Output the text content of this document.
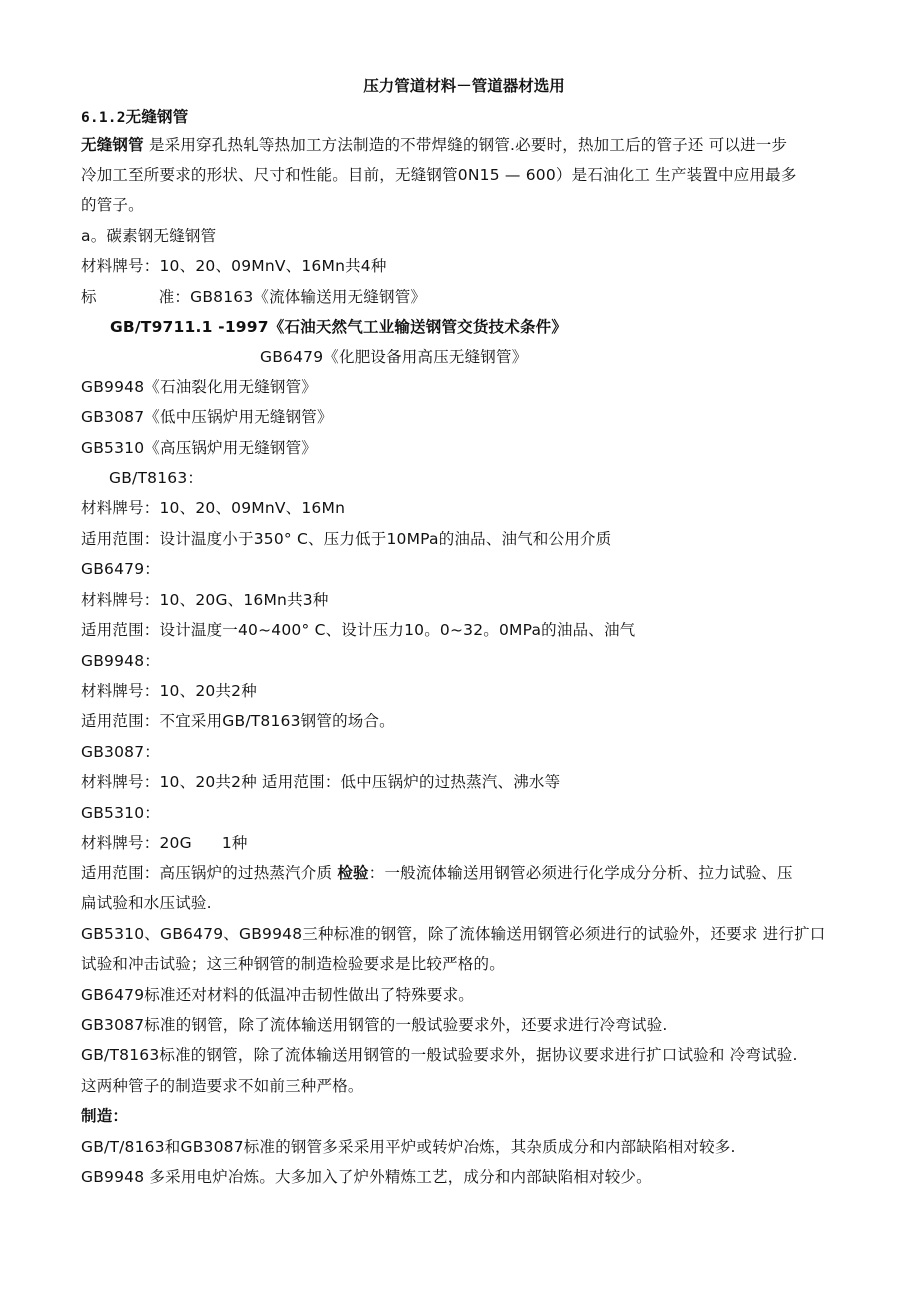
压力管道材料－管道器材选用
6.1.2无缝钢管
无缝钢管 是采用穿孔热轧等热加工方法制造的不带焊缝的钢管.必要时，热加工后的管子还 可以进一步
冷加工至所要求的形状、尺寸和性能。目前，无缝钢管0N15 — 600）是石油化工 生产装置中应用最多
的管子。
a。碳素钢无缝钢管
材料牌号：10、20、09MnV、16Mn共4种
标	准：GB8163《流体输送用无缝钢管》
GB/T9711.1 -1997《石油天然气工业输送钢管交货技术条件》
GB6479《化肥设备用高压无缝钢管》
GB9948《石油裂化用无缝钢管》
GB3087《低中压锅炉用无缝钢管》
GB5310《高压锅炉用无缝钢管》
GB/T8163：
材料牌号：10、20、09MnV、16Mn
适用范围：设计温度小于350° C、压力低于10MPa的油品、油气和公用介质
GB6479：
材料牌号：10、20G、16Mn共3种
适用范围：设计温度一40~400° C、设计压力10。0~32。0MPa的油品、油气
GB9948：
材料牌号：10、20共2种
适用范围：不宜采用GB/T8163钢管的场合。
GB3087：
材料牌号：10、20共2种 适用范围：低中压锅炉的过热蒸汽、沸水等
GB5310：
材料牌号：20G 1种
适用范围：高压锅炉的过热蒸汽介质 检验：一般流体输送用钢管必须进行化学成分分析、拉力试验、压
扁试验和水压试验.
GB5310、GB6479、GB9948三种标准的钢管，除了流体输送用钢管必须进行的试验外，还要求 进行扩口
试验和冲击试验；这三种钢管的制造检验要求是比较严格的。
GB6479标准还对材料的低温冲击韧性做出了特殊要求。
GB3087标准的钢管，除了流体输送用钢管的一般试验要求外，还要求进行冷弯试验.
GB/T8163标准的钢管，除了流体输送用钢管的一般试验要求外，据协议要求进行扩口试验和 冷弯试验.
这两种管子的制造要求不如前三种严格。
制造：
GB/T/8163和GB3087标准的钢管多采采用平炉或转炉冶炼，其杂质成分和内部缺陷相对较多.
GB9948 多采用电炉冶炼。大多加入了炉外精炼工艺，成分和内部缺陷相对较少。
